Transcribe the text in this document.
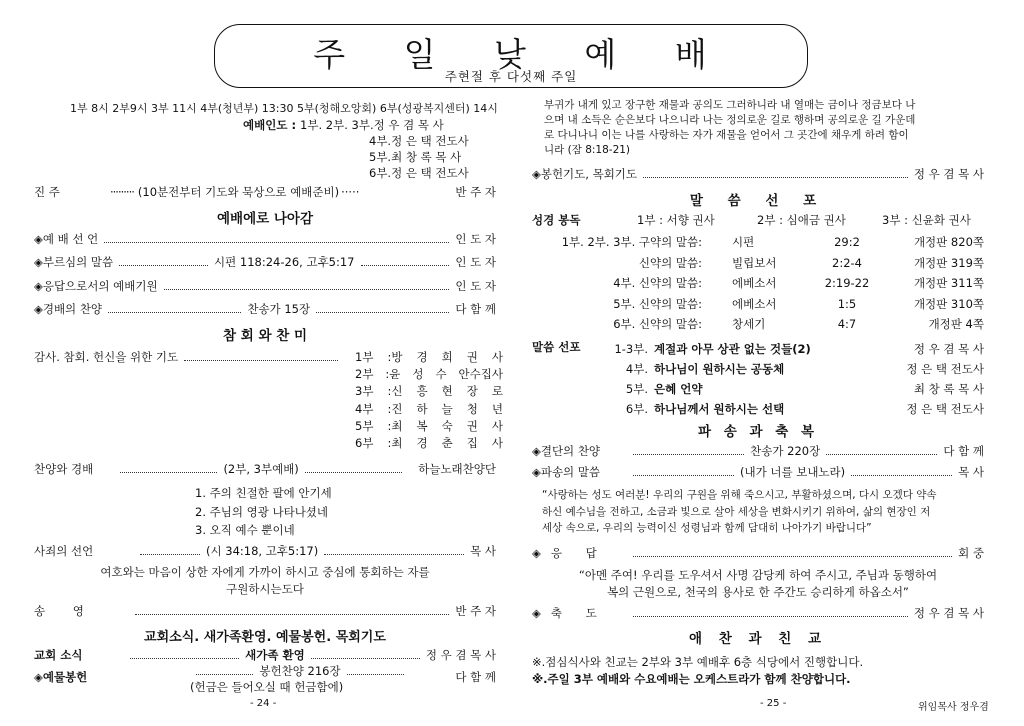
주 일 낮 예 배
주현절 후 다섯째 주일
1부 8시 2부9시 3부 11시 4부(청년부) 13:30 5부(청해오앙회) 6부(성광복지센터) 14시
예배인도 : 1부. 2부. 3부.정 우 겸 목 사
4부.정 은 택 전도사
5부.최 창 록 목 사
6부.정 은 택 전도사
진 주	········· (10분전부터 기도와 묵상으로 예배준비) ·····	반 주 자
예배에로 나아감
◈예 배 선 언	인 도 자
◈부르심의 말씀	시편 118:24-26, 고후5:17	인 도 자
◈응답으로서의 예배기원	인 도 자
◈경배의 찬양	찬송가 15장	다 함 께
참 회 와 찬 미
감사. 참회. 헌신을 위한 기도	1부 :방 경 희 권 사
2부 :윤 성 수 안수집사
3부 :신 흥 현 장 로
4부 :진 하 늘 청 년
5부 :최 복 숙 권 사
6부 :최 경 춘 집 사
찬양와 경배	(2부, 3부예배)	하늘노래찬양단
1. 주의 친절한 팔에 안기세
2. 주님의 영광 나타나셨네
3. 오직 예수 뿐이네
사죄의 선언	(시 34:18, 고후5:17)	목 사
여호와는 마음이 상한 자에게 가까이 하시고 중심에 통회하는 자를
구원하시는도다
송 영	반 주 자
교회소식. 새가족환영. 예물봉헌. 목회기도
교회 소식	새가족 환영	정 우 겸 목 사
◈예물봉헌	다 함 께
봉헌찬양 216장
(헌금은 들어오실 때 헌금함에)
- 24 -
부귀가 내게 있고 장구한 재물과 공의도 그러하니라 내 열매는 금이나 정금보다 나
으며 내 소득은 순은보다 나으니라 나는 정의로운 길로 행하며 공의로운 길 가운데
로 다니나니 이는 나를 사랑하는 자가 재물을 얻어서 그 곳간에 채우게 하려 함이
니라 (잠 8:18-21)
◈봉헌기도, 목회기도	정 우 겸 목 사
말 씀 선 포
성경 봉독	1부 : 서향 권사	2부 : 심애금 권사	3부 : 신윤화 권사
1부. 2부. 3부. 구약의 말씀:	시편	29:2	개정판 820쪽
신약의 말씀:	빌립보서	2:2-4	개정판 319쪽
4부. 신약의 말씀:	에베소서	2:19-22	개정판 311쪽
5부. 신약의 말씀:	에베소서	1:5	개정판 310쪽
6부. 신약의 말씀:	창세기	4:7	개정판 4쪽
말씀 선포	1-3부. 계절과 아무 상관 없는 것들(2)	정 우 겸 목 사
4부. 하나님이 원하시는 공동체	정 은 택 전도사
5부. 은혜 언약	최 창 록 목 사
6부. 하나님께서 원하시는 선택	정 은 택 전도사
파 송 과 축 복
◈결단의 찬양	찬송가 220장	다 함 께
◈파송의 말씀	(내가 너를 보내노라)	목 사
“사랑하는 성도 여러분! 우리의 구원을 위해 죽으시고, 부활하셨으며, 다시 오겠다 약속
하신 예수님을 전하고, 소금과 빛으로 살아 세상을 변화시키기 위하여, 삶의 현장인 저
세상 속으로, 우리의 능력이신 성령님과 함께 담대히 나아가기 바랍니다”
◈응 답	회 중
“아멘 주여! 우리를 도우셔서 사명 감당케 하여 주시고, 주님과 동행하여
복의 근원으로, 천국의 용사로 한 주간도 승리하게 하옵소서”
◈축 도	정 우 겸 목 사
애 찬 과 친 교
※.점심식사와 친교는 2부와 3부 예배후 6층 식당에서 진행합니다.
※.주일 3부 예배와 수요예배는 오케스트라가 함께 찬양합니다.
- 25 -	위임목사 정우겸
